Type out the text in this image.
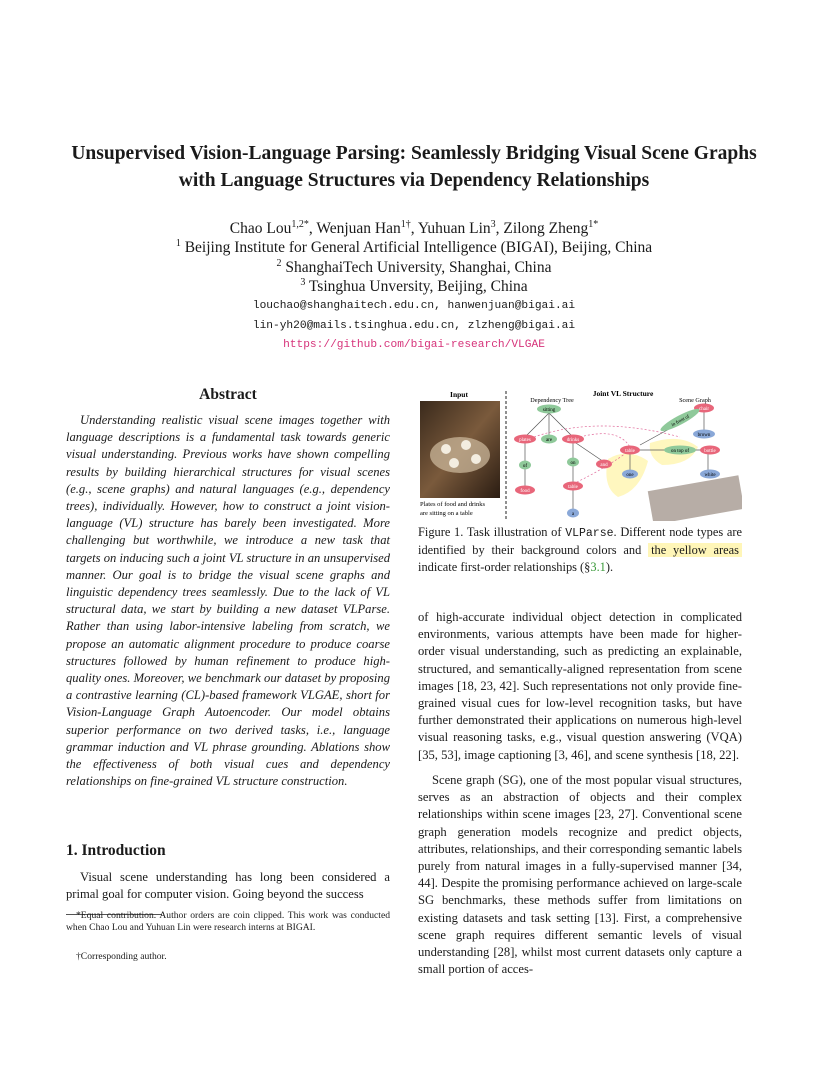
Unsupervised Vision-Language Parsing: Seamlessly Bridging Visual Scene Graphs with Language Structures via Dependency Relationships
Chao Lou$^{1,2*}$, Wenjuan Han$^{1\dagger}$, Yuhuan Lin$^3$, Zilong Zheng$^{1*}$
$^1$ Beijing Institute for General Artificial Intelligence (BIGAI), Beijing, China
$^2$ ShanghaiTech University, Shanghai, China
$^3$ Tsinghua Unversity, Beijing, China
louchao@shanghaitech.edu.cn, hanwenjuan@bigai.ai
lin-yh20@mails.tsinghua.edu.cn, zlzheng@bigai.ai
https://github.com/bigai-research/VLGAE
Abstract
Understanding realistic visual scene images together with language descriptions is a fundamental task towards generic visual understanding. Previous works have shown compelling results by building hierarchical structures for visual scenes (e.g., scene graphs) and natural languages (e.g., dependency trees), individually. However, how to construct a joint vision-language (VL) structure has barely been investigated. More challenging but worthwhile, we introduce a new task that targets on inducing such a joint VL structure in an unsupervised manner. Our goal is to bridge the visual scene graphs and linguistic dependency trees seamlessly. Due to the lack of VL structural data, we start by building a new dataset VLParse. Rather than using labor-intensive labeling from scratch, we propose an automatic alignment procedure to produce coarse structures followed by human refinement to produce high-quality ones. Moreover, we benchmark our dataset by proposing a contrastive learning (CL)-based framework VLGAE, short for Vision-Language Graph Autoencoder. Our model obtains superior performance on two derived tasks, i.e., language grammar induction and VL phrase grounding. Ablations show the effectiveness of both visual cues and dependency relationships on fine-grained VL structure construction.
1. Introduction
Visual scene understanding has long been considered a primal goal for computer vision. Going beyond the success
*Equal contribution. Author orders are coin clipped. This work was conducted when Chao Lou and Yuhuan Lin were research interns at BIGAI.
†Corresponding author.
Input
Plates of food and drinks
are sitting on a table
Joint VL Structure
Dependency Tree	Scene Graph
sitting
plates	are	drinks
of
on	and
food
table
a
chair
in front of
brown
table	on top of	bottle
one	white
Figure 1. Task illustration of VLParse. Different node types are identified by their background colors and the yellow areas indicate first-order relationships (§3.1).
of high-accurate individual object detection in complicated environments, various attempts have been made for higher-order visual understanding, such as predicting an explainable, structured, and semantically-aligned representation from scene images [18, 23, 42]. Such representations not only provide fine-grained visual cues for low-level recognition tasks, but have further demonstrated their applications on numerous high-level visual reasoning tasks, e.g., visual question answering (VQA) [35, 53], image captioning [3, 46], and scene synthesis [18, 22].
Scene graph (SG), one of the most popular visual structures, serves as an abstraction of objects and their complex relationships within scene images [23, 27]. Conventional scene graph generation models recognize and predict objects, attributes, relationships, and their corresponding semantic labels purely from natural images in a fully-supervised manner [34, 44]. Despite the promising performance achieved on large-scale SG benchmarks, these methods suffer from limitations on existing datasets and task setting [13]. First, a comprehensive scene graph requires different semantic levels of visual understanding [28], whilst most current datasets only capture a small portion of acces-
